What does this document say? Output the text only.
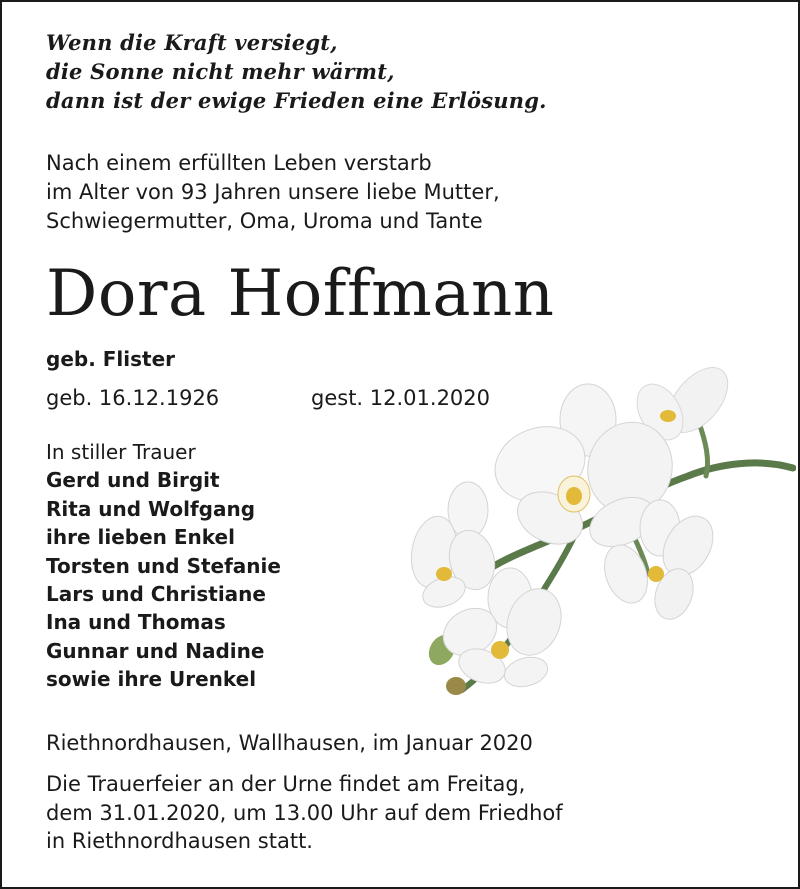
Wenn die Kraft versiegt,
die Sonne nicht mehr wärmt,
dann ist der ewige Frieden eine Erlösung.
Nach einem erfüllten Leben verstarb
im Alter von 93 Jahren unsere liebe Mutter,
Schwiegermutter, Oma, Uroma und Tante
Dora Hoffmann
geb. Flister
geb. 16.12.1926	gest. 12.01.2020
In stiller Trauer
Gerd und Birgit
Rita und Wolfgang
ihre lieben Enkel
Torsten und Stefanie
Lars und Christiane
Ina und Thomas
Gunnar und Nadine
sowie ihre Urenkel
Riethnordhausen, Wallhausen, im Januar 2020
Die Trauerfeier an der Urne findet am Freitag,
dem 31.01.2020, um 13.00 Uhr auf dem Friedhof
in Riethnordhausen statt.
